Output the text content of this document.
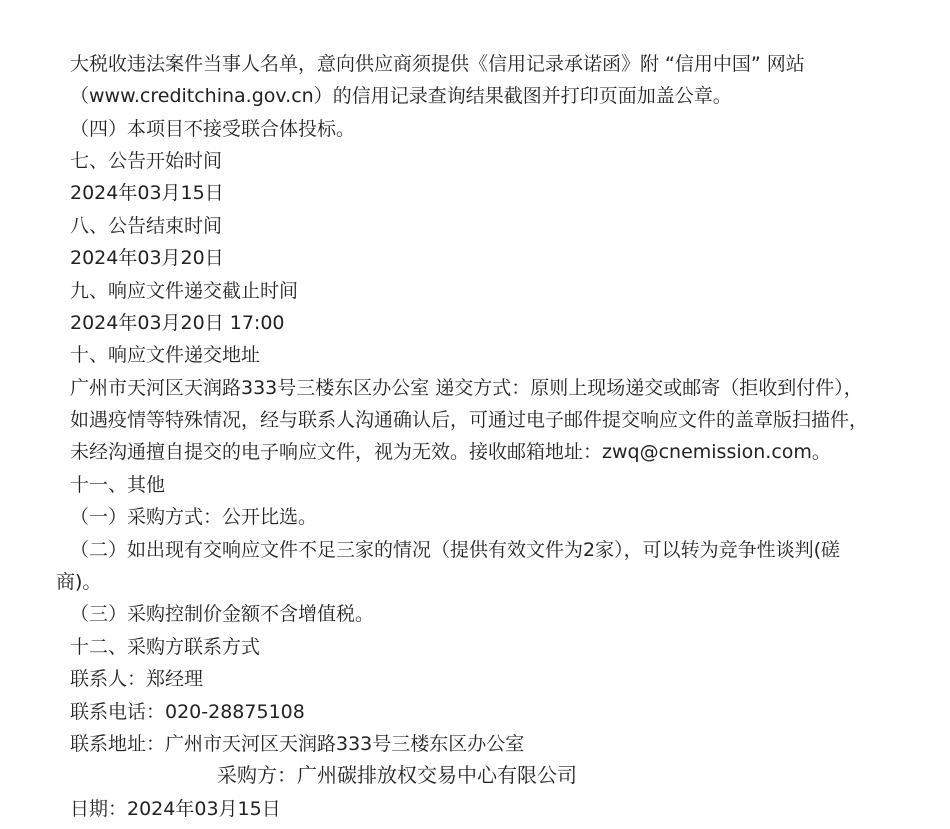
大税收违法案件当事人名单，意向供应商须提供《信用记录承诺函》附 “信用中国” 网站
（www.creditchina.gov.cn）的信用记录查询结果截图并打印页面加盖公章。
（四）本项目不接受联合体投标。
七、公告开始时间
2024年03月15日
八、公告结束时间
2024年03月20日
九、响应文件递交截止时间
2024年03月20日 17:00
十、响应文件递交地址
广州市天河区天润路333号三楼东区办公室 递交方式：原则上现场递交或邮寄（拒收到付件），
如遇疫情等特殊情况，经与联系人沟通确认后，可通过电子邮件提交响应文件的盖章版扫描件，
未经沟通擅自提交的电子响应文件，视为无效。接收邮箱地址：zwq@cnemission.com。
十一、其他
（一）采购方式：公开比选。
（二）如出现有交响应文件不足三家的情况（提供有效文件为2家），可以转为竞争性谈判(磋
商)。
（三）采购控制价金额不含增值税。
十二、采购方联系方式
联系人：郑经理
联系电话：020-28875108
联系地址：广州市天河区天润路333号三楼东区办公室
采购方：广州碳排放权交易中心有限公司
日期：2024年03月15日
